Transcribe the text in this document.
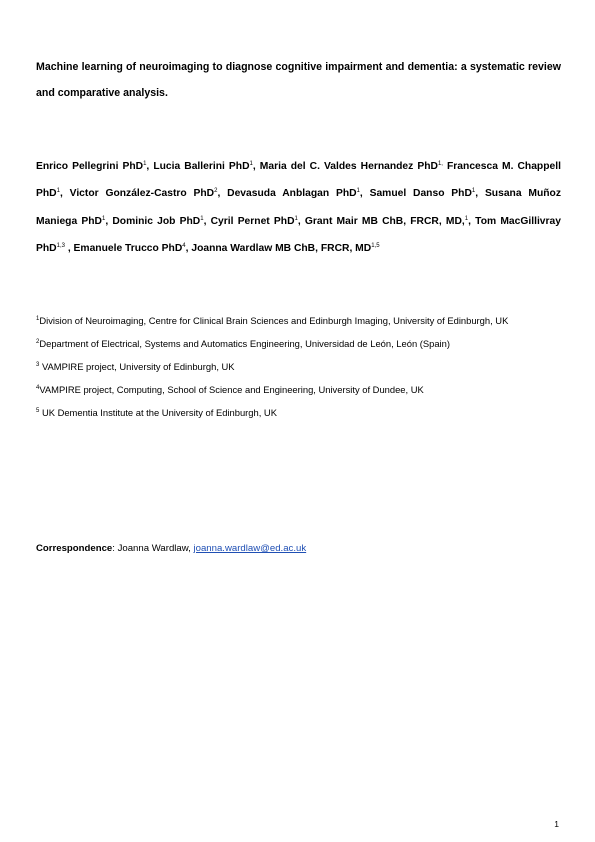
Machine learning of neuroimaging to diagnose cognitive impairment and dementia: a systematic review and comparative analysis.
Enrico Pellegrini PhD$^1$, Lucia Ballerini PhD$^1$, Maria del C. Valdes Hernandez PhD$^{1,}$ Francesca M. Chappell PhD$^1$, Victor González-Castro PhD$^2$, Devasuda Anblagan PhD$^1$, Samuel Danso PhD$^1$, Susana Muñoz Maniega PhD$^1$, Dominic Job PhD$^1$, Cyril Pernet PhD$^1$, Grant Mair MB ChB, FRCR, MD,$^1$, Tom MacGillivray PhD$^{1,3}$ , Emanuele Trucco PhD$^4$, Joanna Wardlaw MB ChB, FRCR, MD$^{1,5}$

$^1$Division of Neuroimaging, Centre for Clinical Brain Sciences and Edinburgh Imaging, University of Edinburgh, UK

$^2$Department of Electrical, Systems and Automatics Engineering, Universidad de León, León (Spain)

$^3$ VAMPIRE project, University of Edinburgh, UK

$^4$VAMPIRE project, Computing, School of Science and Engineering, University of Dundee, UK

$^5$ UK Dementia Institute at the University of Edinburgh, UK

Correspondence: Joanna Wardlaw, joanna.wardlaw@ed.ac.uk
1
